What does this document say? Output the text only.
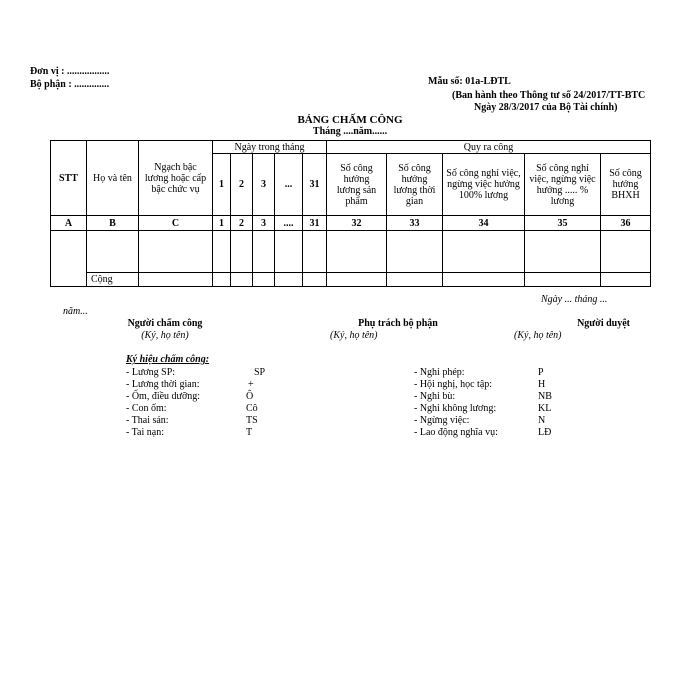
Đơn vị : .................
Bộ phận : ..............	Mẫu số: 01a-LĐTL
(Ban hành theo Thông tư số 24/2017/TT-BTC
Ngày 28/3/2017 của Bộ Tài chính)
BẢNG CHẤM CÔNG
Tháng ....năm......
STT	Họ và tên	Ngạch bậc lương hoặc cấp bậc chức vụ	Ngày trong tháng					Quy ra công				
			1	2	3	...	31	Số công hưởng lương sản phẩm	Số công hưởng lương thời gian	Số công nghỉ việc, ngừng việc hưởng 100% lương	Số công nghỉ việc, ngừng việc hưởng ..... % lương	Số công hưởng BHXH
A	B	C	1	2	3	....	31	32	33	34	35	36

	Cộng											
Ngày ... tháng ...
năm...
Người chấm công
(Ký, họ tên)
Phụ trách bộ phận
(Ký, họ tên)
Người duyệt
(Ký, họ tên)
Ký hiệu chấm công:
- Lương SP:	SP
- Lương thời gian:	+
- Ốm, điều dưỡng:	Ô
- Con ốm:	Cô
- Thai sản:	TS
- Tai nạn:	T
- Nghỉ phép:	P
- Hội nghị, học tập:	H
- Nghỉ bù:	NB
- Nghỉ không lương:	KL
- Ngừng việc:	N
- Lao động nghĩa vụ:	LĐ
